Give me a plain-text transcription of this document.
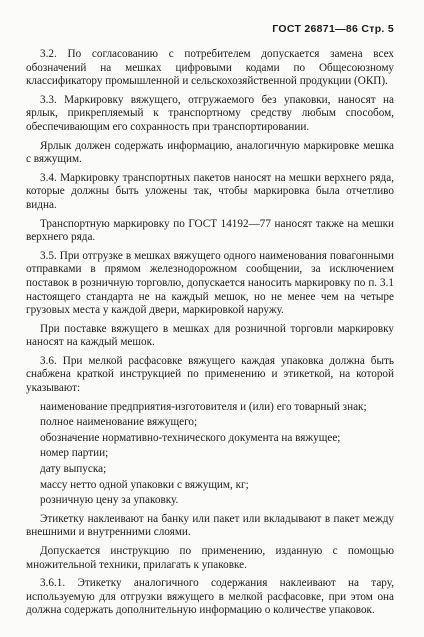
ГОСТ 26871—86 Стр. 5

3.2. По согласованию с потребителем допускается замена всех обозначений на мешках цифровыми кодами по Общесоюзному классификатору промышленной и сельскохозяйственной продукции (ОКП).

3.3. Маркировку вяжущего, отгружаемого без упаковки, наносят на ярлык, прикрепляемый к транспортному средству любым способом, обеспечивающим его сохранность при транспортировании.

Ярлык должен содержать информацию, аналогичную маркировке мешка с вяжущим.

3.4. Маркировку транспортных пакетов наносят на мешки верхнего ряда, которые должны быть уложены так, чтобы маркировка была отчетливо видна.

Транспортную маркировку по ГОСТ 14192—77 наносят также на мешки верхнего ряда.

3.5. При отгрузке в мешках вяжущего одного наименования повагонными отправками в прямом железнодорожном сообщении, за исключением поставок в розничную торговлю, допускается наносить маркировку по п. 3.1 настоящего стандарта не на каждый мешок, но не менее чем на четыре грузовых места у каждой двери, маркировкой наружу.

При поставке вяжущего в мешках для розничной торговли маркировку наносят на каждый мешок.

3.6. При мелкой расфасовке вяжущего каждая упаковка должна быть снабжена краткой инструкцией по применению и этикеткой, на которой указывают:

наименование предприятия-изготовителя и (или) его товарный знак;

полное наименование вяжущего;

обозначение нормативно-технического документа на вяжущее;

номер партии;

дату выпуска;

массу нетто одной упаковки с вяжущим, кг;

розничную цену за упаковку.

Этикетку наклеивают на банку или пакет или вкладывают в пакет между внешними и внутренними слоями.

Допускается инструкцию по применению, изданную с помощью множительной техники, прилагать к упаковке.

3.6.1. Этикетку аналогичного содержания наклеивают на тару, используемую для отгрузки вяжущего в мелкой расфасовке, при этом она должна содержать дополнительную информацию о количестве упаковок.
